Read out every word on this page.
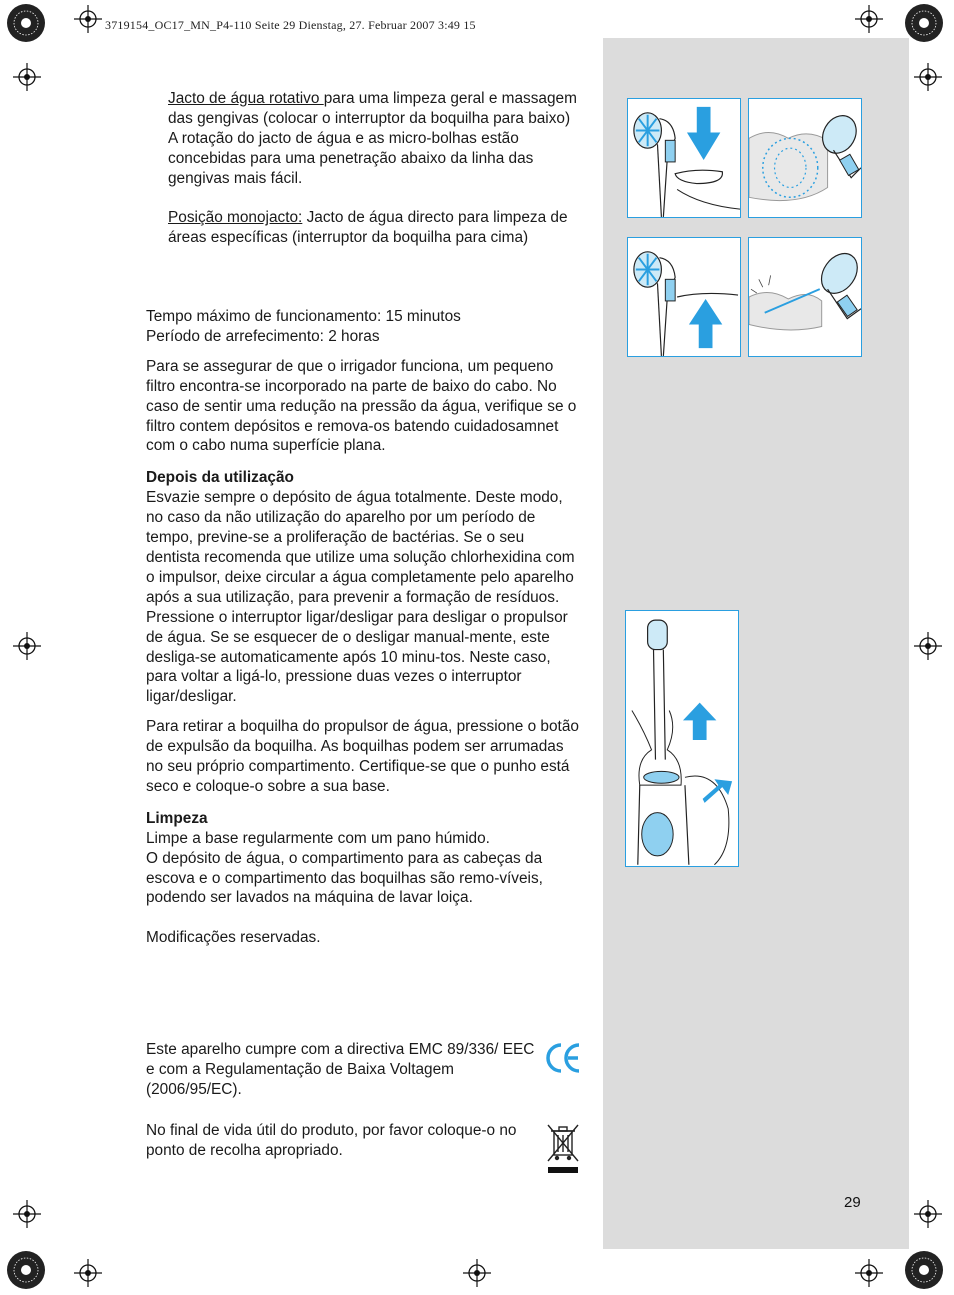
3719154_OC17_MN_P4-110 Seite 29 Dienstag, 27. Februar 2007 3:49 15

Jacto de água rotativo para uma limpeza geral e massagem das gengivas (colocar o interruptor da boquilha para baixo)

A rotação do jacto de água e as micro-bolhas estão concebidas para uma penetração abaixo da linha das gengivas mais fácil.

Posição monojacto: Jacto de água directo para limpeza de áreas específicas (interruptor da boquilha para cima)

Tempo máximo de funcionamento: 15 minutos

Período de arrefecimento: 2 horas

Para se assegurar de que o irrigador funciona, um pequeno filtro encontra-se incorporado na parte de baixo do cabo. No caso de sentir uma redução na pressão da água, verifique se o filtro contem depósitos e remova-os batendo cuidadosamnet com o cabo numa superfície plana.

Depois da utilização

Esvazie sempre o depósito de água totalmente. Deste modo, no caso da não utilização do aparelho por um período de tempo, previne-se a proliferação de bactérias. Se o seu dentista recomenda que utilize uma solução chlorhexidina com o impulsor, deixe circular a água completamente pelo aparelho após a sua utilização, para prevenir a formação de resíduos.

Pressione o interruptor ligar/desligar para desligar o propulsor de água. Se se esquecer de o desligar manual-mente, este desliga-se automaticamente após 10 minu-tos. Neste caso, para voltar a ligá-lo, pressione duas vezes o interruptor ligar/desligar.

Para retirar a boquilha do propulsor de água, pressione o botão de expulsão da boquilha. As boquilhas podem ser arrumadas no seu próprio compartimento. Certifique-se que o punho está seco e coloque-o sobre a sua base.

Limpeza

Limpe a base regularmente com um pano húmido.

O depósito de água, o compartimento para as cabeças da escova e o compartimento das boquilhas são remo-víveis, podendo ser lavados na máquina de lavar loiça.

Modificações reservadas.

Este aparelho cumpre com a directiva EMC 89/336/ EEC e com a Regulamentação de Baixa Voltagem (2006/95/EC).
No final de vida útil do produto, por favor coloque-o no ponto de recolha apropriado.
29
